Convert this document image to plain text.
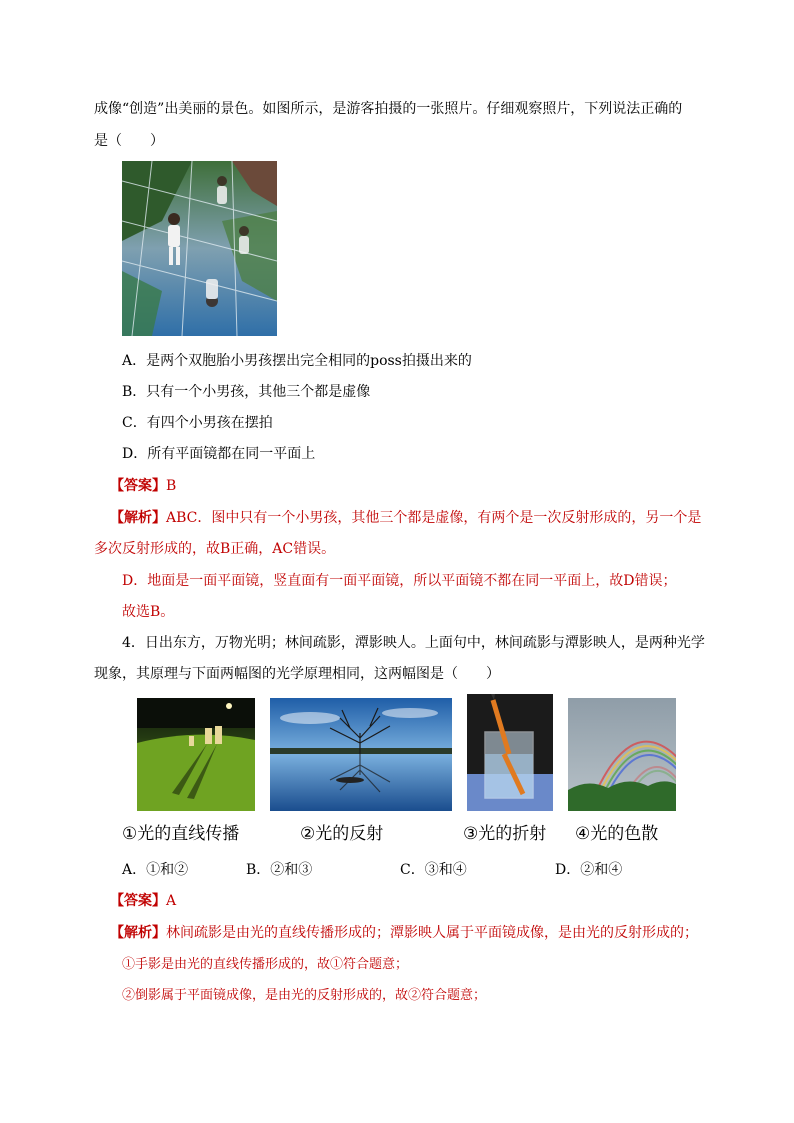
成像“创造”出美丽的景色。如图所示，是游客拍摄的一张照片。仔细观察照片，下列说法正确的
是（　　）
A．是两个双胞胎小男孩摆出完全相同的poss拍摄出来的
B．只有一个小男孩，其他三个都是虚像
C．有四个小男孩在摆拍
D．所有平面镜都在同一平面上
【答案】B
【解析】ABC．图中只有一个小男孩，其他三个都是虚像，有两个是一次反射形成的，另一个是
多次反射形成的，故B正确，AC错误。
D．地面是一面平面镜，竖直面有一面平面镜，所以平面镜不都在同一平面上，故D错误；
故选B。
4．日出东方，万物光明；林间疏影，潭影映人。上面句中，林间疏影与潭影映人，是两种光学
现象，其原理与下面两幅图的光学原理相同，这两幅图是（　　）
①光的直线传播	②光的反射	③光的折射 ④光的色散
A．①和②	B．②和③	C．③和④	D．②和④
【答案】A
【解析】林间疏影是由光的直线传播形成的；潭影映人属于平面镜成像，是由光的反射形成的；
①手影是由光的直线传播形成的，故①符合题意；
②倒影属于平面镜成像，是由光的反射形成的，故②符合题意；
